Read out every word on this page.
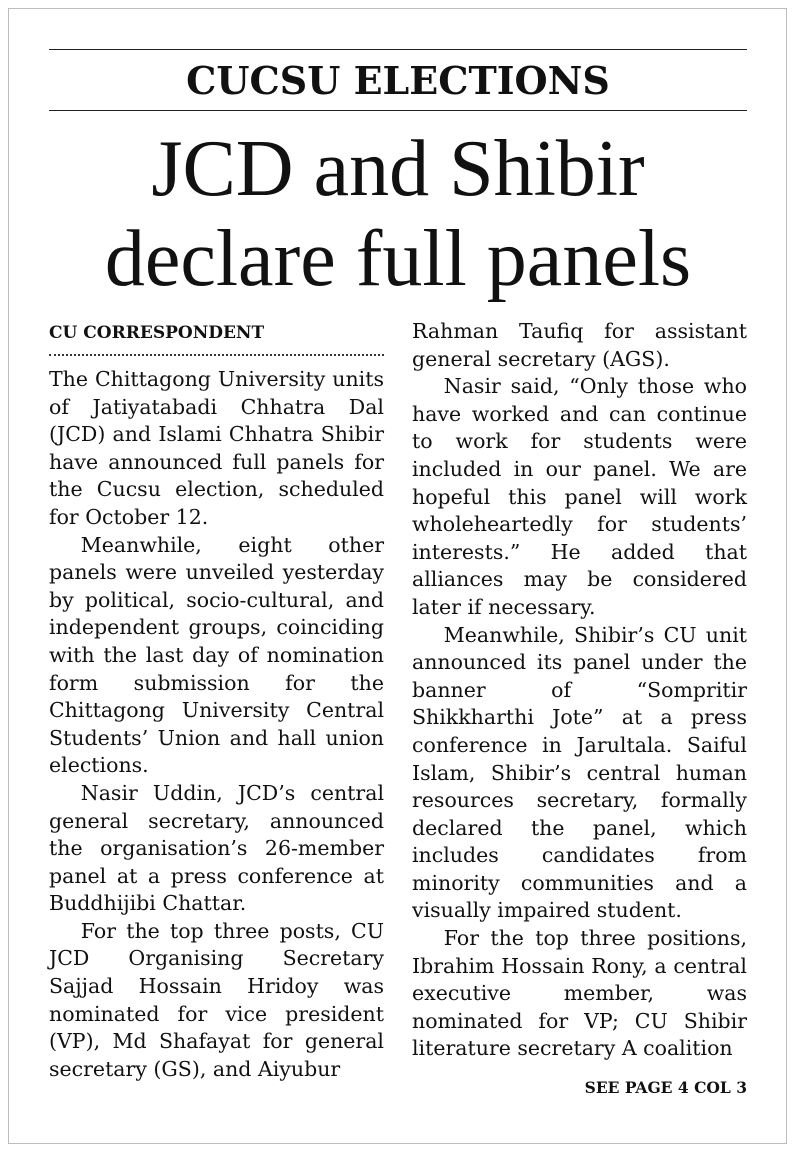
CUCSU ELECTIONS
JCD and Shibir
declare full panels
CU CORRESPONDENT

The Chittagong University units of Jatiyatabadi Chhatra Dal (JCD) and Islami Chhatra Shibir have announced full panels for the Cucsu election, scheduled for October 12.

Meanwhile, eight other panels were unveiled yesterday by political, socio-cultural, and independent groups, coinciding with the last day of nomination form submission for the Chittagong University Central Students’ Union and hall union elections.

Nasir Uddin, JCD’s central general secretary, announced the organisation’s 26-member panel at a press conference at Buddhijibi Chattar.

For the top three posts, CU JCD Organising Secretary Sajjad Hossain Hridoy was nominated for vice president (VP), Md Shafayat for general secretary (GS), and Aiyubur

Rahman Taufiq for assistant general secretary (AGS).

Nasir said, “Only those who have worked and can continue to work for students were included in our panel. We are hopeful this panel will work wholeheartedly for students’ interests.” He added that alliances may be considered later if necessary.

Meanwhile, Shibir’s CU unit announced its panel under the banner of “Sompritir Shikkharthi Jote” at a press conference in Jarultala. Saiful Islam, Shibir’s central human resources secretary, formally declared the panel, which includes candidates from minority communities and a visually impaired student.

For the top three positions, Ibrahim Hossain Rony, a central executive member, was nominated for VP; CU Shibir literature secretary A coalition

SEE PAGE 4 COL 3
